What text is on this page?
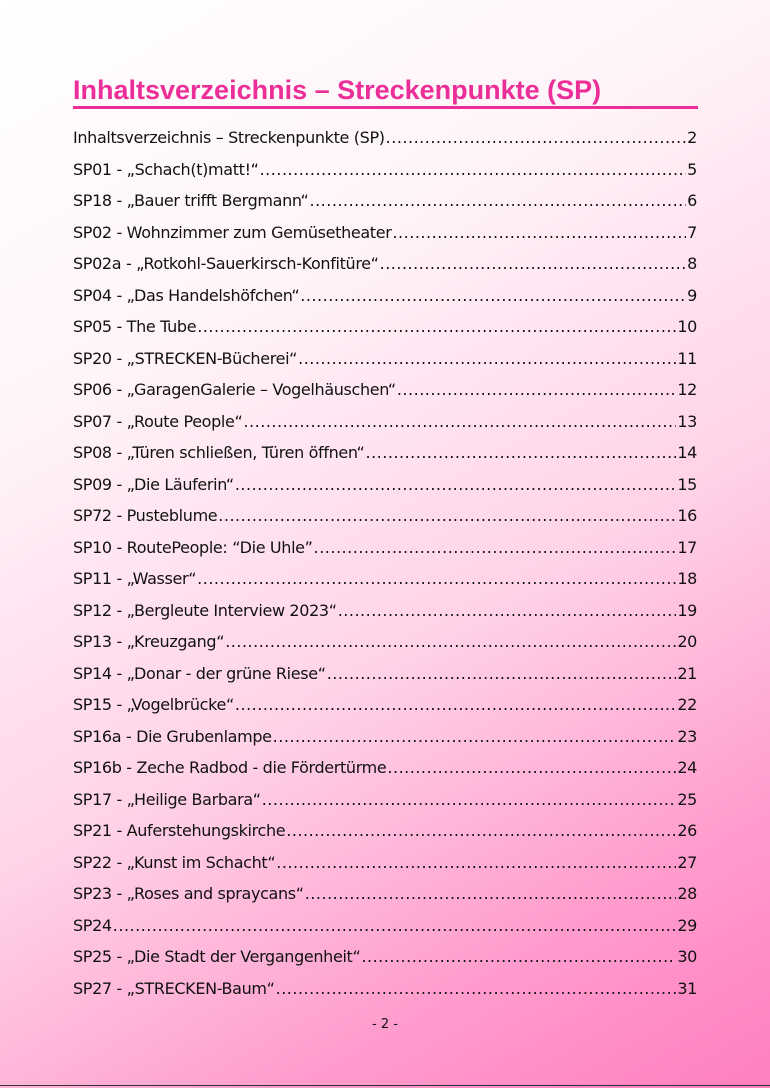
Inhaltsverzeichnis – Streckenpunkte (SP)
Inhaltsverzeichnis – Streckenpunkte (SP) .....	2
SP01 - „Schach(t)matt!“ .....	5
SP18 - „Bauer trifft Bergmann“ .....	6
SP02 - Wohnzimmer zum Gemüsetheater .....	7
SP02a - „Rotkohl-Sauerkirsch-Konfitüre“ .....	8
SP04 - „Das Handelshöfchen“ .....	9
SP05 - The Tube .....	10
SP20 - „STRECKEN-Bücherei“ .....	11
SP06 - „GaragenGalerie – Vogelhäuschen“ .....	12
SP07 - „Route People“ .....	13
SP08 - „Türen schließen, Türen öffnen“ .....	14
SP09 - „Die Läuferin“ .....	15
SP72 - Pusteblume .....	16
SP10 - RoutePeople: “Die Uhle” .....	17
SP11 - „Wasser“ .....	18
SP12 - „Bergleute Interview 2023“ .....	19
SP13 - „Kreuzgang“ .....	20
SP14 - „Donar - der grüne Riese“ .....	21
SP15 - „Vogelbrücke“ .....	22
SP16a - Die Grubenlampe .....	23
SP16b - Zeche Radbod - die Fördertürme .....	24
SP17 - „Heilige Barbara“ .....	25
SP21 - Auferstehungskirche .....	26
SP22 - „Kunst im Schacht“ .....	27
SP23 - „Roses and spraycans“ .....	28
SP24 .....	29
SP25 - „Die Stadt der Vergangenheit“ .....	30
SP27 - „STRECKEN-Baum“ .....	31
- 2 -
